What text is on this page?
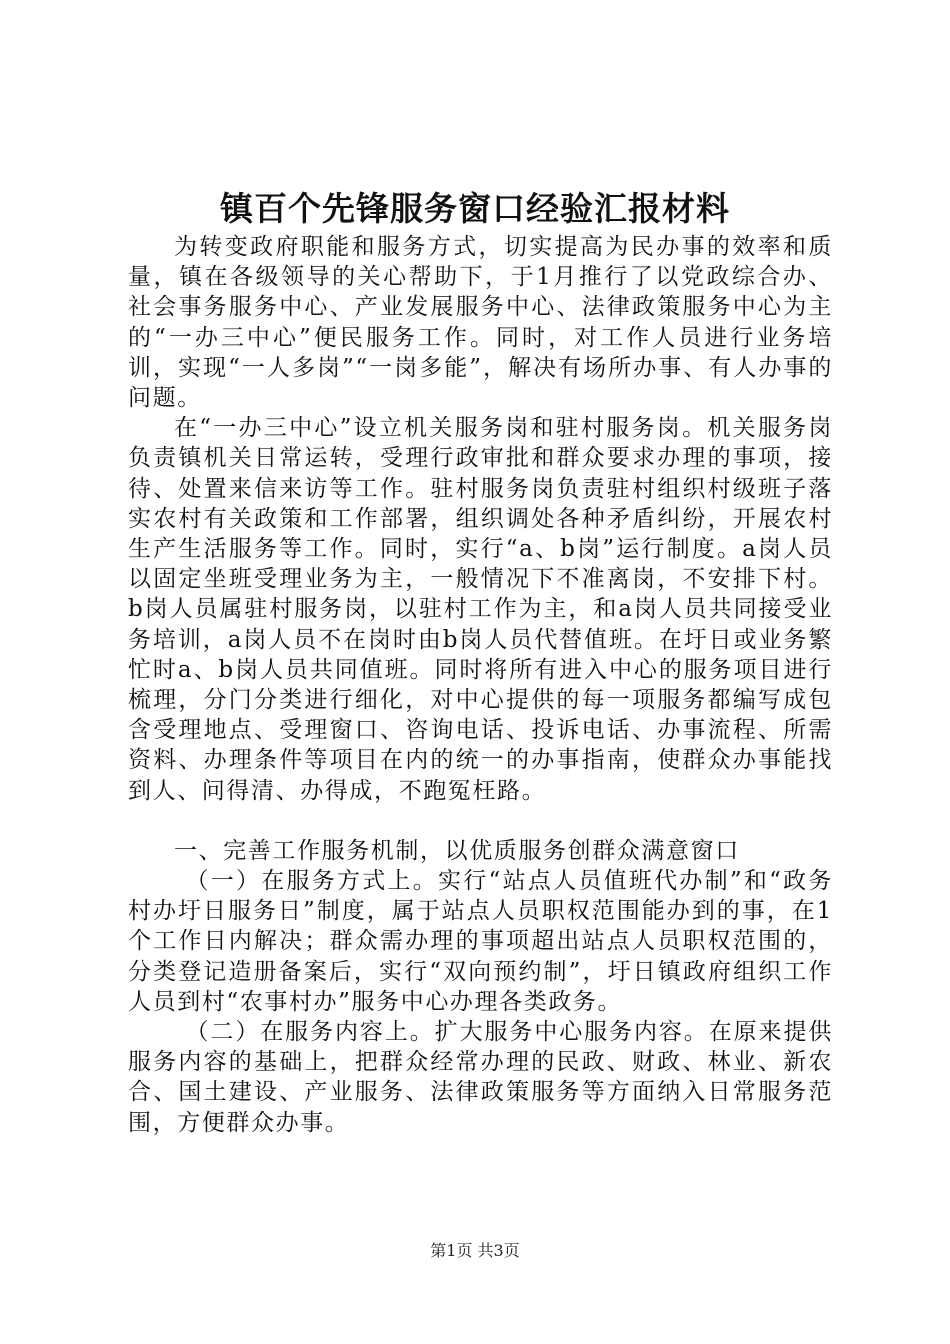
镇百个先锋服务窗口经验汇报材料

为转变政府职能和服务方式，切实提高为民办事的效率和质量，镇在各级领导的关心帮助下，于1月推行了以党政综合办、社会事务服务中心、产业发展服务中心、法律政策服务中心为主的“一办三中心”便民服务工作。同时，对工作人员进行业务培训，实现“一人多岗”“一岗多能”，解决有场所办事、有人办事的问题。

在“一办三中心”设立机关服务岗和驻村服务岗。机关服务岗负责镇机关日常运转，受理行政审批和群众要求办理的事项，接待、处置来信来访等工作。驻村服务岗负责驻村组织村级班子落实农村有关政策和工作部署，组织调处各种矛盾纠纷，开展农村生产生活服务等工作。同时，实行“a、b岗”运行制度。a岗人员以固定坐班受理业务为主，一般情况下不准离岗，不安排下村。b岗人员属驻村服务岗，以驻村工作为主，和a岗人员共同接受业务培训，a岗人员不在岗时由b岗人员代替值班。在圩日或业务繁忙时a、b岗人员共同值班。同时将所有进入中心的服务项目进行梳理，分门分类进行细化，对中心提供的每一项服务都编写成包含受理地点、受理窗口、咨询电话、投诉电话、办事流程、所需资料、办理条件等项目在内的统一的办事指南，使群众办事能找到人、问得清、办得成，不跑冤枉路。

一、完善工作服务机制，以优质服务创群众满意窗口

（一）在服务方式上。实行“站点人员值班代办制”和“政务村办圩日服务日”制度，属于站点人员职权范围能办到的事，在1个工作日内解决；群众需办理的事项超出站点人员职权范围的，分类登记造册备案后，实行“双向预约制”，圩日镇政府组织工作人员到村“农事村办”服务中心办理各类政务。

（二）在服务内容上。扩大服务中心服务内容。在原来提供服务内容的基础上，把群众经常办理的民政、财政、林业、新农合、国土建设、产业服务、法律政策服务等方面纳入日常服务范围，方便群众办事。

第1页 共3页
